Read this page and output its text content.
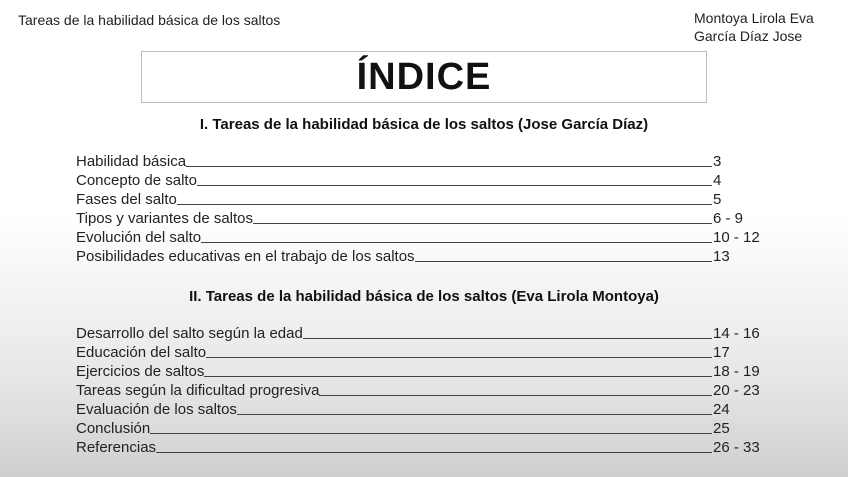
Tareas de la habilidad básica de los saltos	Montoya Lirola Eva
García Díaz Jose
ÍNDICE
I. Tareas de la habilidad básica de los saltos (Jose García Díaz)
Habilidad básica	3
Concepto de salto	4
Fases del salto	5
Tipos y variantes de saltos	6 - 9
Evolución del salto	10 - 12
Posibilidades educativas en el trabajo de los saltos	13
II. Tareas de la habilidad básica de los saltos (Eva Lirola Montoya)
Desarrollo del salto según la edad	14 - 16
Educación del salto	17
Ejercicios de saltos	18 - 19
Tareas según la dificultad progresiva	20 - 23
Evaluación de los saltos	24
Conclusión	25
Referencias	26 - 33
